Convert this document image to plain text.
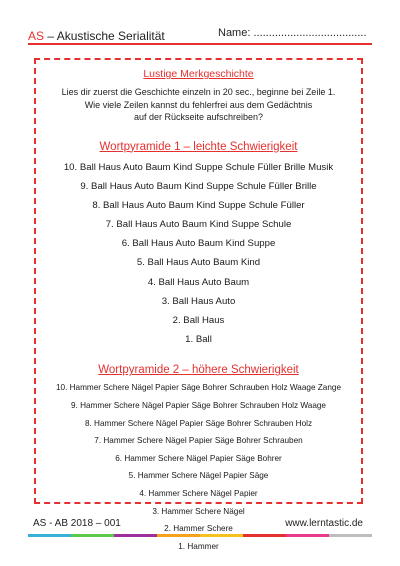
AS – Akustische Serialität	Name: .....................................
Lustige Merkgeschichte
Lies dir zuerst die Geschichte einzeln in 20 sec., beginne bei Zeile 1.
Wie viele Zeilen kannst du fehlerfrei aus dem Gedächtnis
auf der Rückseite aufschreiben?
Wortpyramide 1 – leichte Schwierigkeit
10. Ball Haus Auto Baum Kind Suppe Schule Füller Brille Musik
9. Ball Haus Auto Baum Kind Suppe Schule Füller Brille
8. Ball Haus Auto Baum Kind Suppe Schule Füller
7. Ball Haus Auto Baum Kind Suppe Schule
6. Ball Haus Auto Baum Kind Suppe
5. Ball Haus Auto Baum Kind
4. Ball Haus Auto Baum
3. Ball Haus Auto
2. Ball Haus
1. Ball
Wortpyramide 2 – höhere Schwierigkeit
10. Hammer Schere Nägel Papier Säge Bohrer Schrauben Holz Waage Zange
9. Hammer Schere Nägel Papier Säge Bohrer Schrauben Holz Waage
8. Hammer Schere Nägel Papier Säge Bohrer Schrauben Holz
7. Hammer Schere Nägel Papier Säge Bohrer Schrauben
6. Hammer Schere Nägel Papier Säge Bohrer
5. Hammer Schere Nägel Papier Säge
4. Hammer Schere Nägel Papier
3. Hammer Schere Nägel
2. Hammer Schere
1. Hammer
AS - AB 2018 – 001	www.lerntastic.de
